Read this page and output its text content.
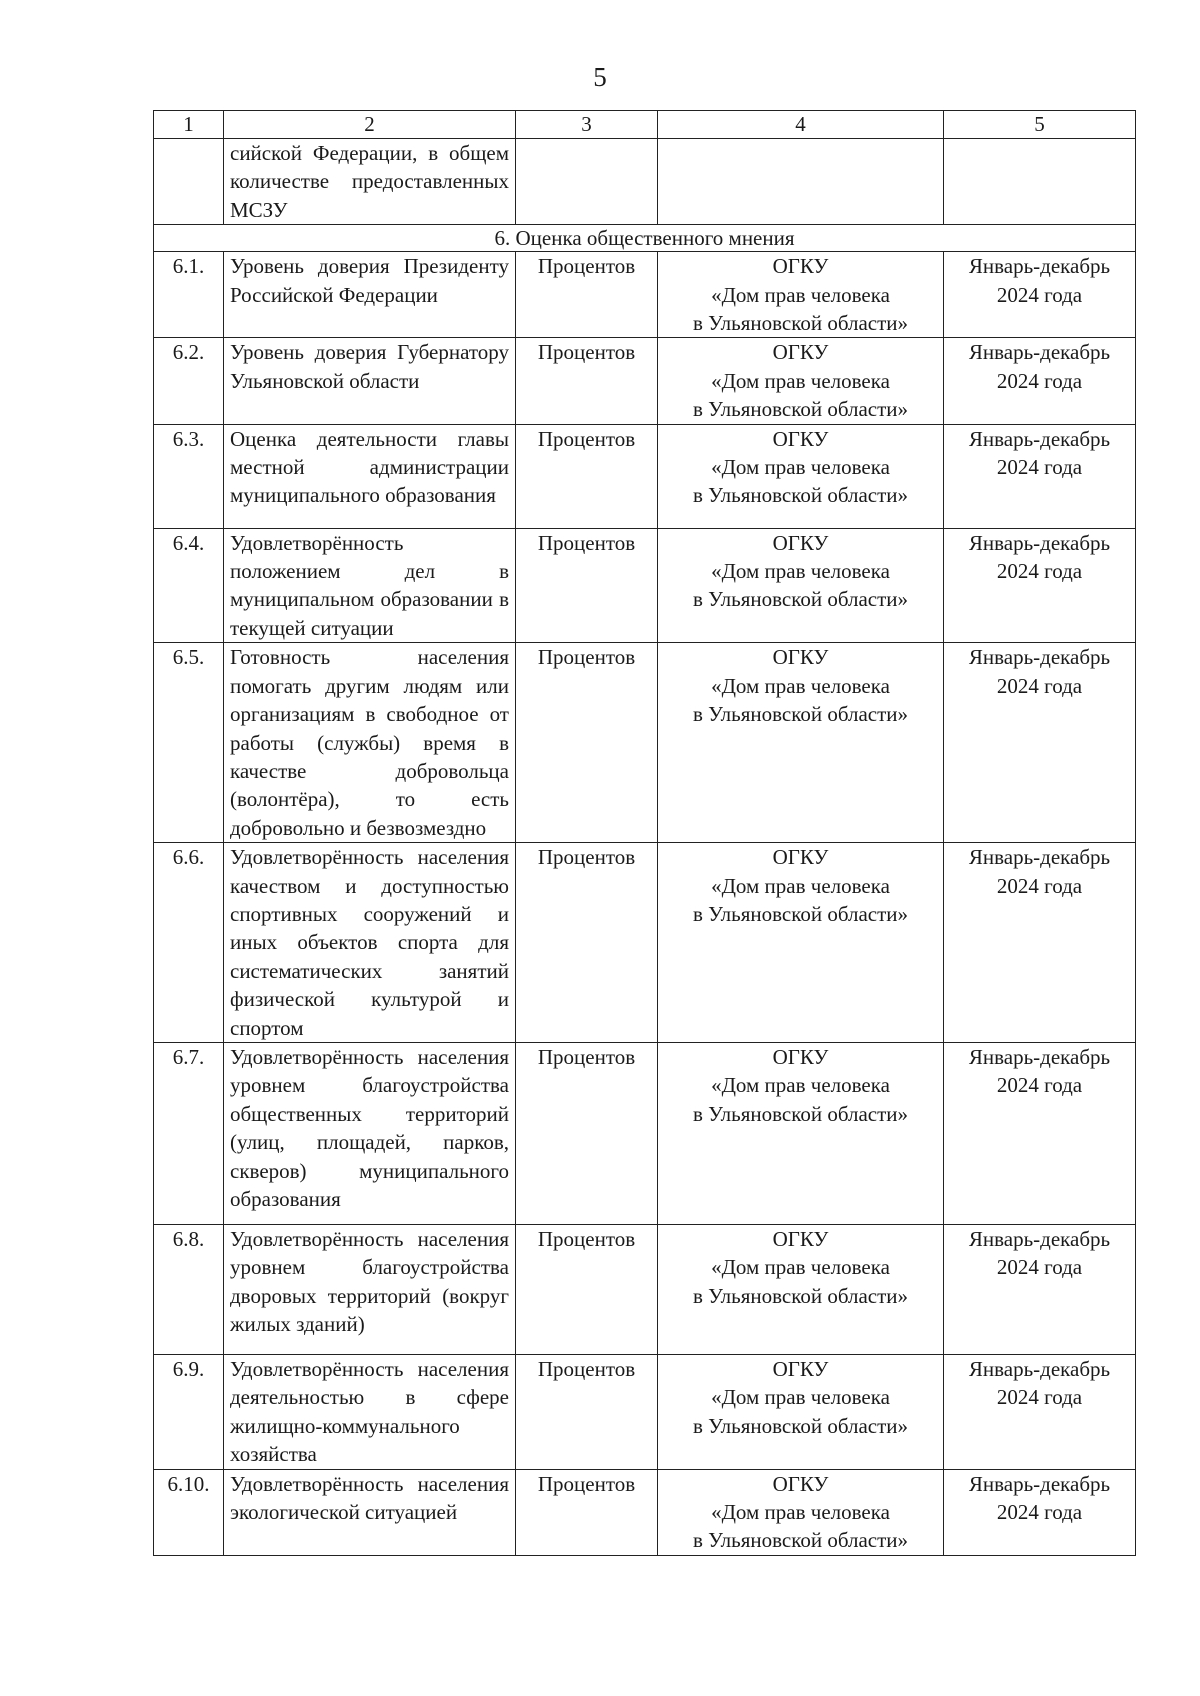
5
1	2	3	4	5
	сийской Федерации, в общем количестве предоставленных МСЗУ			
6. Оценка общественного мнения				
6.1.	Уровень доверия Президенту Российской Федерации	Процентов	ОГКУ
«Дом прав человека
в Ульяновской области»	Январь-декабрь
2024 года

6.2.	Уровень доверия Губернатору Ульяновской области	Процентов	ОГКУ
«Дом прав человека
в Ульяновской области»	Январь-декабрь
2024 года

6.3.	Оценка деятельности главы местной администрации муниципального образования	Процентов	ОГКУ
«Дом прав человека
в Ульяновской области»	Январь-декабрь
2024 года

6.4.	Удовлетворённость положением дел в муниципальном образовании в текущей ситуации	Процентов	ОГКУ
«Дом прав человека
в Ульяновской области»	Январь-декабрь
2024 года

6.5.	Готовность населения помогать другим людям или организациям в свободное от работы (службы) время в качестве добровольца (волонтёра), то есть добровольно и безвозмездно	Процентов	ОГКУ
«Дом прав человека
в Ульяновской области»	Январь-декабрь
2024 года

6.6.	Удовлетворённость населения качеством и доступностью спортивных сооружений и иных объектов спорта для систематических занятий физической культурой и спортом	Процентов	ОГКУ
«Дом прав человека
в Ульяновской области»	Январь-декабрь
2024 года

6.7.	Удовлетворённость населения уровнем благоустройства общественных территорий (улиц, площадей, парков, скверов) муниципального образования	Процентов	ОГКУ
«Дом прав человека
в Ульяновской области»	Январь-декабрь
2024 года

6.8.	Удовлетворённость населения уровнем благоустройства дворовых территорий (вокруг жилых зданий)	Процентов	ОГКУ
«Дом прав человека
в Ульяновской области»	Январь-декабрь
2024 года

6.9.	Удовлетворённость населения деятельностью в сфере жилищно-коммунального хозяйства	Процентов	ОГКУ
«Дом прав человека
в Ульяновской области»	Январь-декабрь
2024 года

6.10.	Удовлетворённость населения экологической ситуацией	Процентов	ОГКУ
«Дом прав человека
в Ульяновской области»	Январь-декабрь
2024 года
